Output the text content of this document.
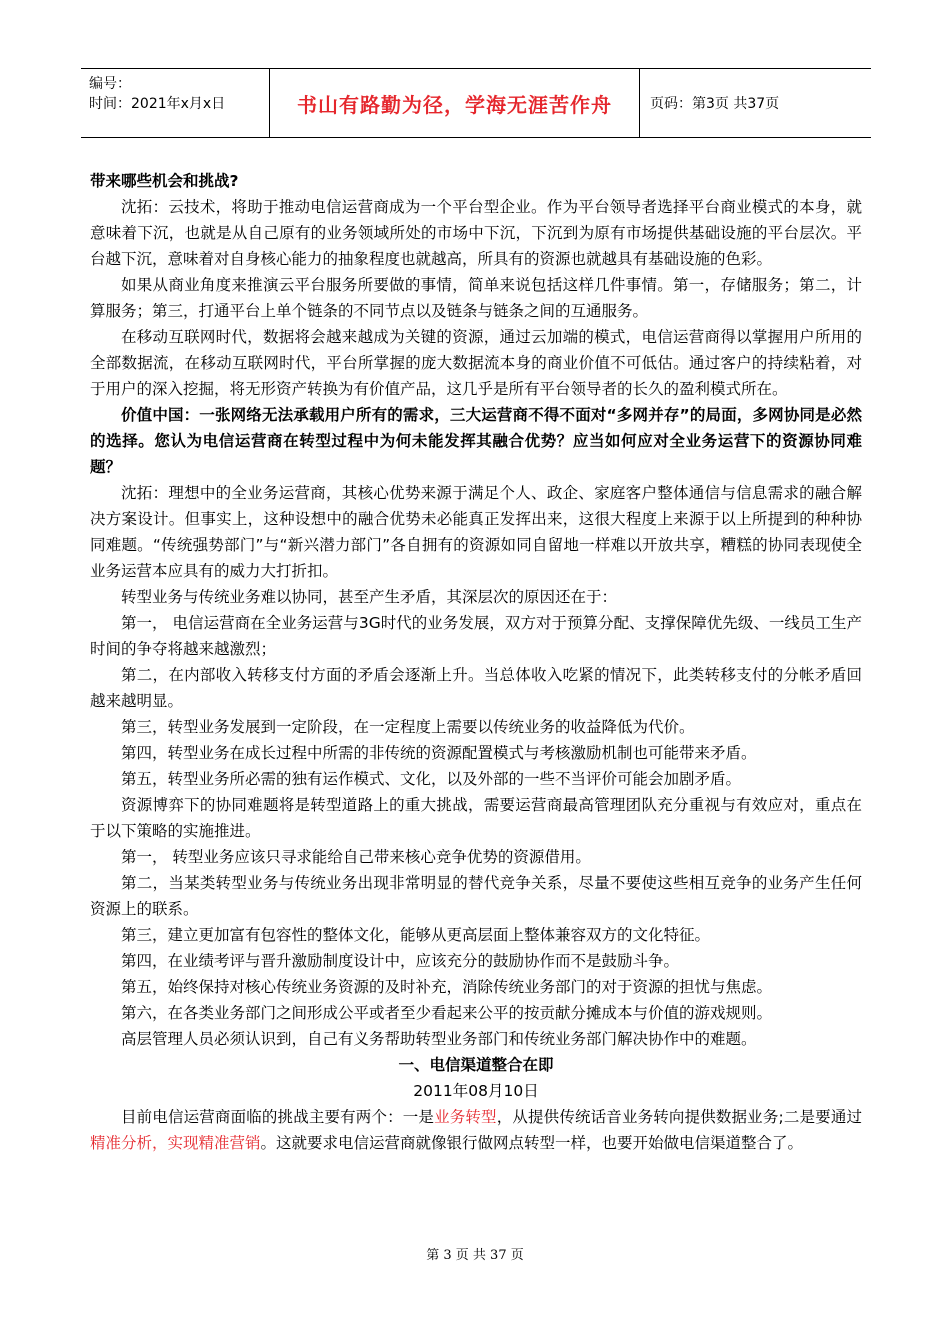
编号：
时间：2021年x月x日	书山有路勤为径，学海无涯苦作舟	页码：第3页 共37页

带来哪些机会和挑战?

沈拓：云技术，将助于推动电信运营商成为一个平台型企业。作为平台领导者选择平台商业模式的本身，就意味着下沉，也就是从自己原有的业务领域所处的市场中下沉，下沉到为原有市场提供基础设施的平台层次。平台越下沉，意味着对自身核心能力的抽象程度也就越高，所具有的资源也就越具有基础设施的色彩。

如果从商业角度来推演云平台服务所要做的事情，简单来说包括这样几件事情。第一，存储服务；第二，计算服务；第三，打通平台上单个链条的不同节点以及链条与链条之间的互通服务。

在移动互联网时代，数据将会越来越成为关键的资源，通过云加端的模式，电信运营商得以掌握用户所用的全部数据流，在移动互联网时代，平台所掌握的庞大数据流本身的商业价值不可低估。通过客户的持续粘着，对于用户的深入挖掘，将无形资产转换为有价值产品，这几乎是所有平台领导者的长久的盈利模式所在。

价值中国：一张网络无法承载用户所有的需求，三大运营商不得不面对“多网并存”的局面，多网协同是必然的选择。您认为电信运营商在转型过程中为何未能发挥其融合优势？应当如何应对全业务运营下的资源协同难题？

沈拓：理想中的全业务运营商，其核心优势来源于满足个人、政企、家庭客户整体通信与信息需求的融合解决方案设计。但事实上，这种设想中的融合优势未必能真正发挥出来，这很大程度上来源于以上所提到的种种协同难题。“传统强势部门”与“新兴潜力部门”各自拥有的资源如同自留地一样难以开放共享，糟糕的协同表现使全业务运营本应具有的威力大打折扣。

转型业务与传统业务难以协同，甚至产生矛盾，其深层次的原因还在于：

第一， 电信运营商在全业务运营与3G时代的业务发展，双方对于预算分配、支撑保障优先级、一线员工生产时间的争夺将越来越激烈；

第二，在内部收入转移支付方面的矛盾会逐渐上升。当总体收入吃紧的情况下，此类转移支付的分帐矛盾回越来越明显。

第三，转型业务发展到一定阶段，在一定程度上需要以传统业务的收益降低为代价。

第四，转型业务在成长过程中所需的非传统的资源配置模式与考核激励机制也可能带来矛盾。

第五，转型业务所必需的独有运作模式、文化，以及外部的一些不当评价可能会加剧矛盾。

资源博弈下的协同难题将是转型道路上的重大挑战，需要运营商最高管理团队充分重视与有效应对，重点在于以下策略的实施推进。

第一， 转型业务应该只寻求能给自己带来核心竞争优势的资源借用。

第二，当某类转型业务与传统业务出现非常明显的替代竞争关系，尽量不要使这些相互竞争的业务产生任何资源上的联系。

第三，建立更加富有包容性的整体文化，能够从更高层面上整体兼容双方的文化特征。

第四，在业绩考评与晋升激励制度设计中，应该充分的鼓励协作而不是鼓励斗争。

第五，始终保持对核心传统业务资源的及时补充，消除传统业务部门的对于资源的担忧与焦虑。

第六，在各类业务部门之间形成公平或者至少看起来公平的按贡献分摊成本与价值的游戏规则。

高层管理人员必须认识到，自己有义务帮助转型业务部门和传统业务部门解决协作中的难题。

一、电信渠道整合在即

2011年08月10日

目前电信运营商面临的挑战主要有两个：一是业务转型，从提供传统话音业务转向提供数据业务;二是要通过精准分析，实现精准营销。这就要求电信运营商就像银行做网点转型一样，也要开始做电信渠道整合了。

第 3 页 共 37 页
